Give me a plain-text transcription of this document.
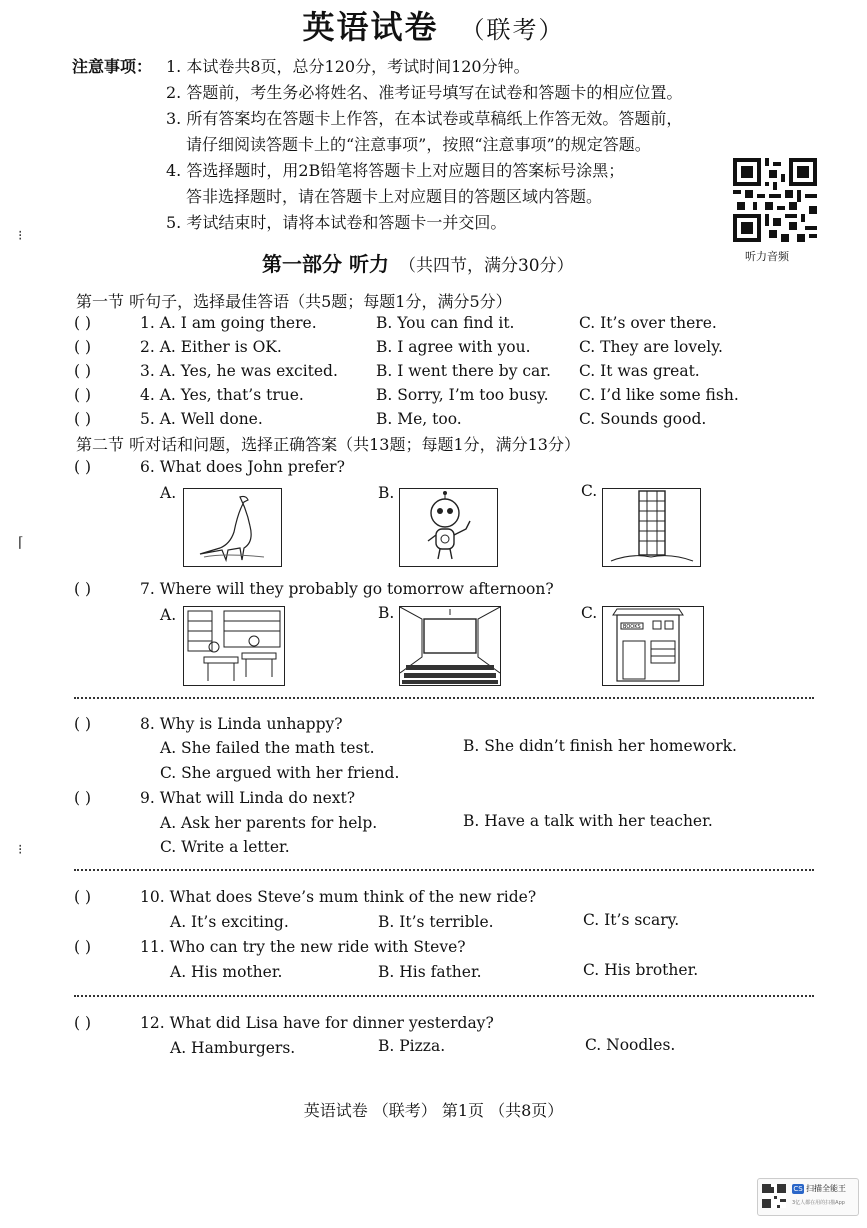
英语试卷 （联考）
注意事项： 1. 本试卷共8页，总分120分，考试时间120分钟。
2. 答题前，考生务必将姓名、准考证号填写在试卷和答题卡的相应位置。
3. 所有答案均在答题卡上作答，在本试卷或草稿纸上作答无效。答题前，
请仔细阅读答题卡上的“注意事项”，按照“注意事项”的规定答题。
4. 答选择题时，用2B铅笔将答题卡上对应题目的答案标号涂黑；
答非选择题时，请在答题卡上对应题目的答题区域内答题。
5. 考试结束时，请将本试卷和答题卡一并交回。
听力音频
⁝
⌈
⁝
第一部分 听力 （共四节，满分30分）
第一节 听句子，选择最佳答语（共5题；每题1分，满分5分）
( )	1. A. I am going there.	B. You can find it.	C. It’s over there.
( )	2. A. Either is OK.	B. I agree with you.	C. They are lovely.
( )	3. A. Yes, he was excited. B. I went there by car. C. It was great.
( )	4. A. Yes, that’s true.	B. Sorry, I’m too busy. C. I’d like some fish.
( )	5. A. Well done.	B. Me, too.	C. Sounds good.
第二节 听对话和问题，选择正确答案（共13题；每题1分，满分13分）
( )	6. What does John prefer?
A.	B.	C.
( )	7. Where will they probably go tomorrow afternoon?
A.	B.	C.
BOOKS
( )	8. Why is Linda unhappy?
A. She failed the math test.	B. She didn’t finish her homework.
C. She argued with her friend.
( )	9. What will Linda do next?
A. Ask her parents for help.	B. Have a talk with her teacher.
C. Write a letter.
( )	10. What does Steve’s mum think of the new ride?
A. It’s exciting.	B. It’s terrible.	C. It’s scary.
( )	11. Who can try the new ride with Steve?
A. His mother.	B. His father.	C. His brother.
( )	12. What did Lisa have for dinner yesterday?
A. Hamburgers.	B. Pizza.	C. Noodles.
英语试卷 （联考） 第1页 （共8页）
CS 扫描全能王
3亿人都在用的扫描App
